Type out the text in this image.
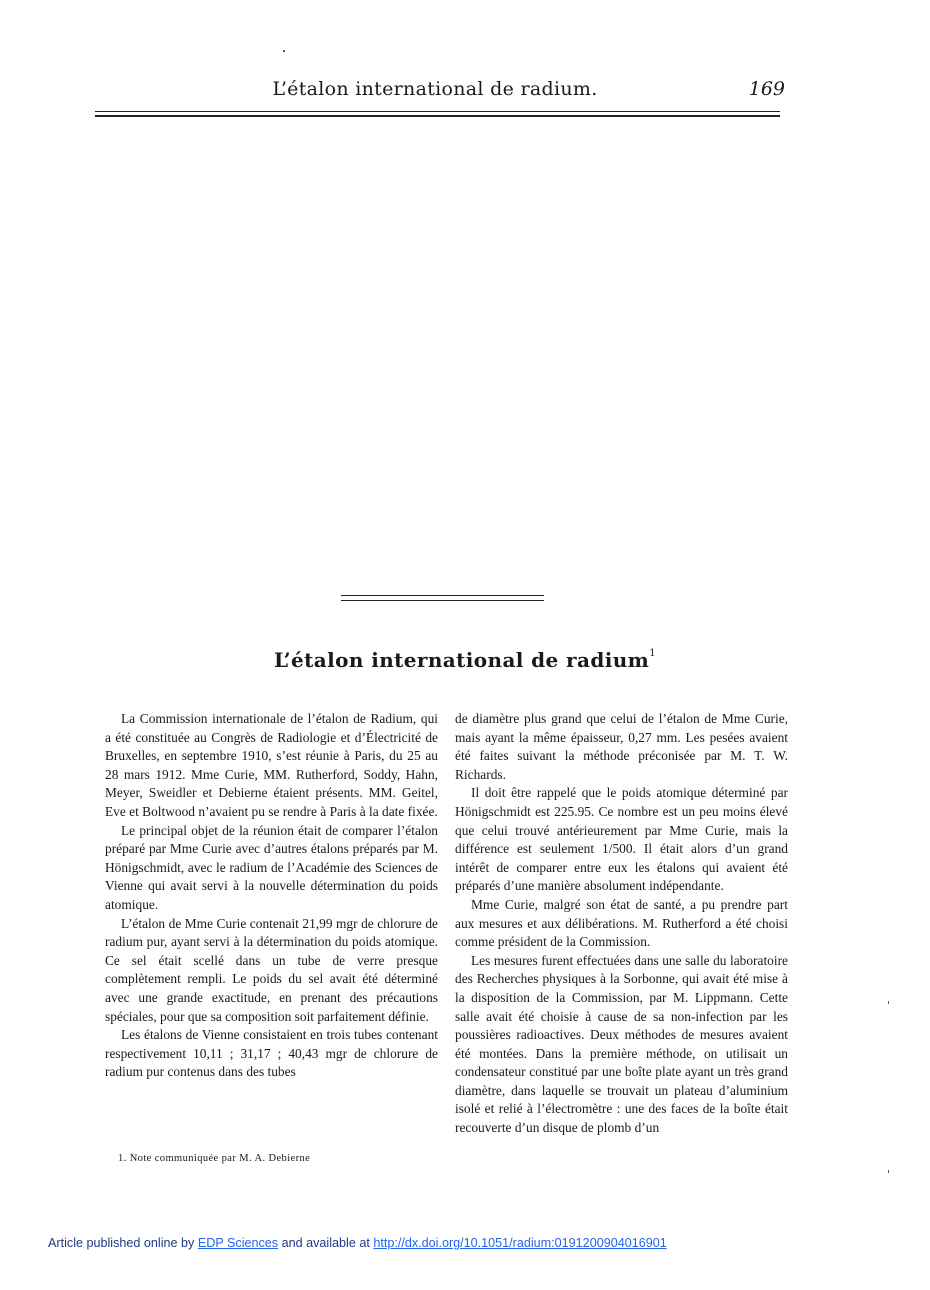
L’étalon international de radium.	169
L’étalon international de radium$^1$

La Commission internationale de l’étalon de Radium, qui a été constituée au Congrès de Radiologie et d’Électricité de Bruxelles, en septembre 1910, s’est réunie à Paris, du 25 au 28 mars 1912. Mme Curie, MM. Rutherford, Soddy, Hahn, Meyer, Sweidler et Debierne étaient présents. MM. Geitel, Eve et Boltwood n’avaient pu se rendre à Paris à la date fixée.

Le principal objet de la réunion était de comparer l’étalon préparé par Mme Curie avec d’autres étalons préparés par M. Hönigschmidt, avec le radium de l’Académie des Sciences de Vienne qui avait servi à la nouvelle détermination du poids atomique.

L’étalon de Mme Curie contenait 21,99 mgr de chlorure de radium pur, ayant servi à la détermination du poids atomique. Ce sel était scellé dans un tube de verre presque complètement rempli. Le poids du sel avait été déterminé avec une grande exactitude, en prenant des précautions spéciales, pour que sa composition soit parfaitement définie.

Les étalons de Vienne consistaient en trois tubes contenant respectivement 10,11 ; 31,17 ; 40,43 mgr de chlorure de radium pur contenus dans des tubes

de diamètre plus grand que celui de l’étalon de Mme Curie, mais ayant la même épaisseur, 0,27 mm. Les pesées avaient été faites suivant la méthode préconisée par M. T. W. Richards.

Il doit être rappelé que le poids atomique déterminé par Hönigschmidt est 225.95. Ce nombre est un peu moins élevé que celui trouvé antérieurement par Mme Curie, mais la différence est seulement 1/500. Il était alors d’un grand intérêt de comparer entre eux les étalons qui avaient été préparés d’une manière absolument indépendante.

Mme Curie, malgré son état de santé, a pu prendre part aux mesures et aux délibérations. M. Rutherford a été choisi comme président de la Commission.

Les mesures furent effectuées dans une salle du laboratoire des Recherches physiques à la Sorbonne, qui avait été mise à la disposition de la Commission, par M. Lippmann. Cette salle avait été choisie à cause de sa non-infection par les poussières radioactives. Deux méthodes de mesures avaient été montées. Dans la première méthode, on utilisait un condensateur constitué par une boîte plate ayant un très grand diamètre, dans laquelle se trouvait un plateau d’aluminium isolé et relié à l’électromètre : une des faces de la boîte était recouverte d’un disque de plomb d’un

1. Note communiquée par M. A. Debierne
Article published online by EDP Sciences and available at http://dx.doi.org/10.1051/radium:0191200904016901
